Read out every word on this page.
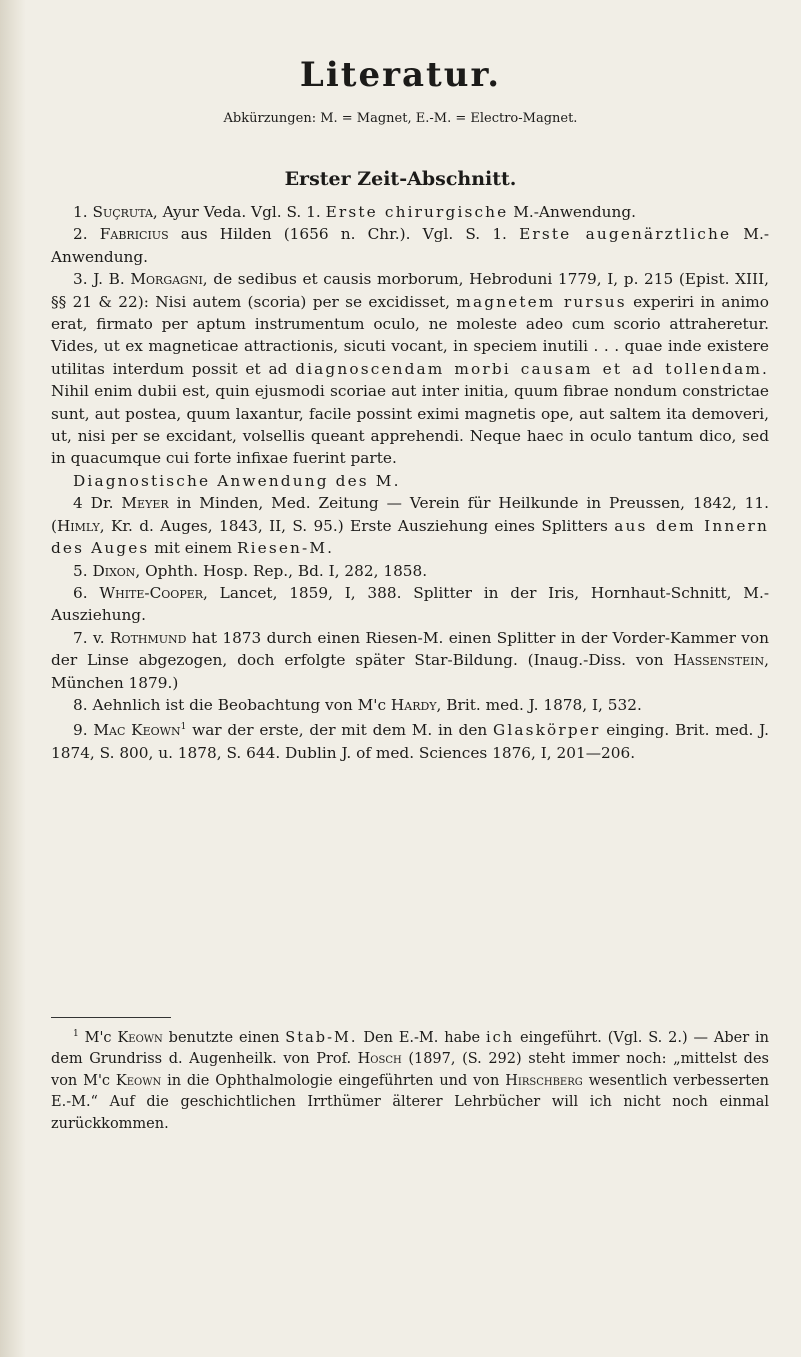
Literatur.
Abkürzungen: M. = Magnet, E.-M. = Electro-Magnet.
Erster Zeit-Abschnitt.

1. Suçruta, Ayur Veda. Vgl. S. 1. Erste chirurgische M.-Anwendung.

2. Fabricius aus Hilden (1656 n. Chr.). Vgl. S. 1. Erste augenärztliche M.-Anwendung.

3. J. B. Morgagni, de sedibus et causis morborum, Hebroduni 1779, I, p. 215 (Epist. XIII, §§ 21 & 22): Nisi autem (scoria) per se excidisset, magnetem rursus experiri in animo erat, firmato per aptum instrumentum oculo, ne moleste adeo cum scorio attraheretur. Vides, ut ex magneticae attractionis, sicuti vocant, in speciem inutili . . . quae inde existere utilitas interdum possit et ad diagnoscendam morbi causam et ad tollendam. Nihil enim dubii est, quin ejusmodi scoriae aut inter initia, quum fibrae nondum constrictae sunt, aut postea, quum laxantur, facile possint eximi magnetis ope, aut saltem ita demoveri, ut, nisi per se excidant, volsellis queant apprehendi. Neque haec in oculo tantum dico, sed in quacumque cui forte infixae fuerint parte.

Diagnostische Anwendung des M.

4 Dr. Meyer in Minden, Med. Zeitung — Verein für Heilkunde in Preussen, 1842, 11. (Himly, Kr. d. Auges, 1843, II, S. 95.) Erste Ausziehung eines Splitters aus dem Innern des Auges mit einem Riesen-M.

5. Dixon, Ophth. Hosp. Rep., Bd. I, 282, 1858.

6. White-Cooper, Lancet, 1859, I, 388. Splitter in der Iris, Hornhaut-Schnitt, M.-Ausziehung.

7. v. Rothmund hat 1873 durch einen Riesen-M. einen Splitter in der Vorder-Kammer von der Linse abgezogen, doch erfolgte später Star-Bildung. (Inaug.-Diss. von Hassenstein, München 1879.)

8. Aehnlich ist die Beobachtung von M'c Hardy, Brit. med. J. 1878, I, 532.

9. Mac Keown$^1$ war der erste, der mit dem M. in den Glaskörper einging. Brit. med. J. 1874, S. 800, u. 1878, S. 644. Dublin J. of med. Sciences 1876, I, 201—206.

$^1$ M'c Keown benutzte einen Stab-M. Den E.-M. habe ich eingeführt. (Vgl. S. 2.) — Aber in dem Grundriss d. Augenheilk. von Prof. Hosch (1897, (S. 292) steht immer noch: „mittelst des von M'c Keown in die Ophthalmologie eingeführten und von Hirschberg wesentlich verbesserten E.-M.“ Auf die geschichtlichen Irrthümer älterer Lehrbücher will ich nicht noch einmal zurückkommen.
